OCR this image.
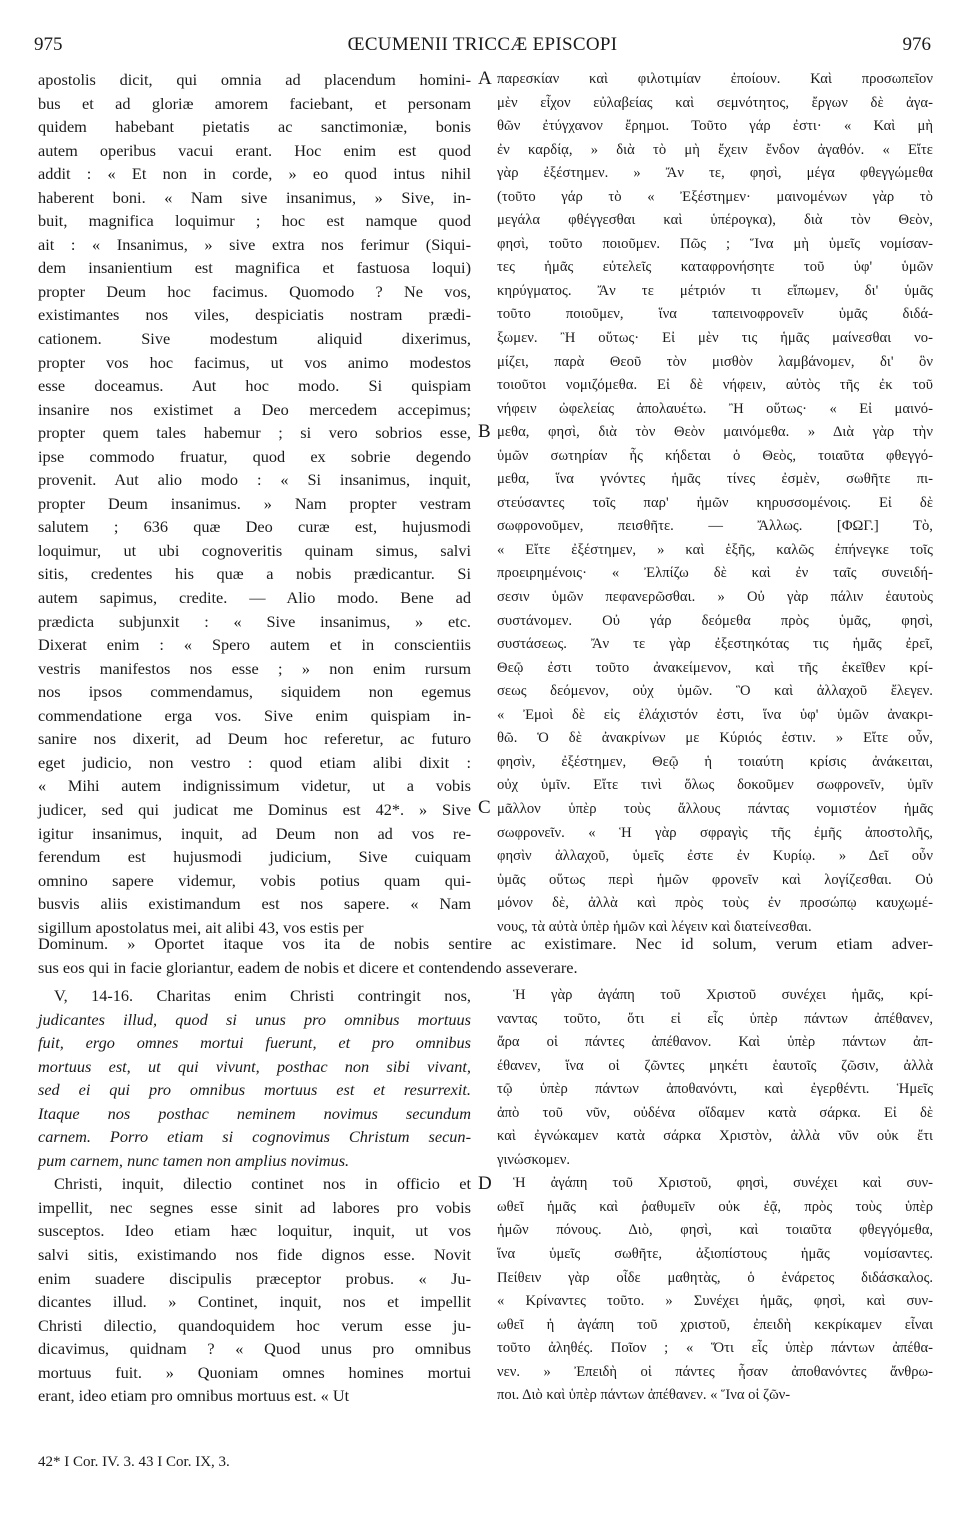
975	ŒCUMENII TRICCÆ EPISCOPI	976
A
B
C
D
apostolis dicit, qui omnia ad placendum homini-
bus et ad gloriæ amorem faciebant, et personam
quidem habebant pietatis ac sanctimoniæ, bonis
autem operibus vacui erant. Hoc enim est quod
addit : « Et non in corde, » eo quod intus nihil
haberent boni. « Nam sive insanimus, » Sive, in-
buit, magnifica loquimur ; hoc est namque quod
ait : « Insanimus, » sive extra nos ferimur (Siqui-
dem insanientium est magnifica et fastuosa loqui)
propter Deum hoc facimus. Quomodo ? Ne vos,
existimantes nos viles, despiciatis nostram prædi-
cationem. Sive modestum aliquid dixerimus,
propter vos hoc facimus, ut vos animo modestos
esse doceamus. Aut hoc modo. Si quispiam
insanire nos existimet a Deo mercedem accepimus;
propter quem tales habemur ; si vero sobrios esse,
ipse commodo fruatur, quod ex sobrie degendo
provenit. Aut alio modo : « Si insanimus, inquit,
propter Deum insanimus. » Nam propter vestram
salutem ; 636 quæ Deo curæ est, hujusmodi
loquimur, ut ubi cognoveritis quinam simus, salvi
sitis, credentes his quæ a nobis prædicantur. Si
autem sapimus, credite. — Alio modo. Bene ad
prædicta subjunxit : « Sive insanimus, » etc.
Dixerat enim : « Spero autem et in conscientiis
vestris manifestos nos esse ; » non enim rursum
nos ipsos commendamus, siquidem non egemus
commendatione erga vos. Sive enim quispiam in-
sanire nos dixerit, ad Deum hoc referetur, ac futuro
eget judicio, non vestro : quod etiam alibi dixit :
« Mihi autem indignissimum videtur, ut a vobis
judicer, sed qui judicat me Dominus est 42*. » Sive
igitur insanimus, inquit, ad Deum non ad vos re-
ferendum est hujusmodi judicium, Sive cuiquam
omnino sapere videmur, vobis potius quam qui-
busvis aliis existimandum est nos sapere. « Nam
sigillum apostolatus mei, ait alibi 43, vos estis per
παρεσκίαν καὶ φιλοτιμίαν ἐποίουν. Καὶ προσωπεῖον
μὲν εἶχον εὐλαβείας καὶ σεμνότητος, ἔργων δὲ ἀγα-
θῶν ἐτύγχανον ἔρημοι. Τοῦτο γάρ ἐστι· « Καὶ μὴ
ἐν καρδίᾳ, » διὰ τὸ μὴ ἔχειν ἔνδον ἀγαθόν. « Εἴτε
γὰρ ἐξέστημεν. » Ἄν τε, φησὶ, μέγα φθεγγώμεθα
(τοῦτο γάρ τὸ « Ἐξέστημεν· μαινομένων γὰρ τὸ
μεγάλα φθέγγεσθαι καὶ ὑπέρογκα), διὰ τὸν Θεὸν,
φησὶ, τοῦτο ποιοῦμεν. Πῶς ; Ἵνα μὴ ὑμεῖς νομίσαν-
τες ἡμᾶς εὐτελεῖς καταφρονήσητε τοῦ ὑφ' ὑμῶν
κηρύγματος. Ἄν τε μέτριόν τι εἴπωμεν, δι' ὑμᾶς
τοῦτο ποιοῦμεν, ἵνα ταπεινοφρονεῖν ὑμᾶς διδά-
ξωμεν. Ἢ οὕτως· Εἰ μὲν τις ἡμᾶς μαίνεσθαι νο-
μίζει, παρὰ Θεοῦ τὸν μισθὸν λαμβάνομεν, δι' ὃν
τοιοῦτοι νομιζόμεθα. Εἰ δὲ νήφειν, αὐτὸς τῆς ἐκ τοῦ
νήφειν ὠφελείας ἀπολαυέτω. Ἢ οὕτως· « Εἰ μαινό-
μεθα, φησὶ, διὰ τὸν Θεὸν μαινόμεθα. » Διὰ γὰρ τὴν
ὑμῶν σωτηρίαν ἧς κήδεται ὁ Θεὸς, τοιαῦτα φθεγγό-
μεθα, ἵνα γνόντες ἡμᾶς τίνες ἐσμὲν, σωθῆτε πι-
στεύσαντες τοῖς παρ' ἡμῶν κηρυσσομένοις. Εἰ δὲ
σωφρονοῦμεν, πεισθῆτε. — Ἄλλως. [ΦΩΓ.] Τὸ,
« Εἴτε ἐξέστημεν, » καὶ ἑξῆς, καλῶς ἐπήνεγκε τοῖς
προειρημένοις· « Ἐλπίζω δὲ καὶ ἐν ταῖς συνειδή-
σεσιν ὑμῶν πεφανερῶσθαι. » Οὐ γὰρ πάλιν ἑαυτοὺς
συστάνομεν. Οὐ γάρ δεόμεθα πρὸς ὑμᾶς, φησὶ,
συστάσεως. Ἄν τε γὰρ ἐξεστηκότας τις ἡμᾶς ἐρεῖ,
Θεῷ ἐστι τοῦτο ἀνακείμενον, καὶ τῆς ἐκεῖθεν κρί-
σεως δεόμενον, οὐχ ὑμῶν. Ὃ καὶ ἀλλαχοῦ ἔλεγεν.
« Ἐμοὶ δὲ εἰς ἐλάχιστόν ἐστι, ἵνα ὑφ' ὑμῶν ἀνακρι-
θῶ. Ὁ δὲ ἀνακρίνων με Κύριός ἐστιν. » Εἴτε οὖν,
φησὶν, ἐξέστημεν, Θεῷ ἡ τοιαύτη κρίσις ἀνάκειται,
οὐχ ὑμῖν. Εἴτε τινὶ ὅλως δοκοῦμεν σωφρονεῖν, ὑμῖν
μᾶλλον ὑπὲρ τοὺς ἄλλους πάντας νομιστέον ἡμᾶς
σωφρονεῖν. « Ἡ γὰρ σφραγὶς τῆς ἐμῆς ἀποστολῆς,
φησὶν ἀλλαχοῦ, ὑμεῖς ἐστε ἐν Κυρίῳ. » Δεῖ οὖν
ὑμᾶς οὕτως περὶ ἡμῶν φρονεῖν καὶ λογίζεσθαι. Οὐ
μόνον δὲ, ἀλλὰ καὶ πρὸς τοὺς ἐν προσώπῳ καυχωμέ-
νους, τὰ αὐτὰ ὑπὲρ ἡμῶν καὶ λέγειν καὶ διατείνεσθαι.
Dominum. » Oportet itaque vos ita de nobis sentire ac existimare. Nec id solum, verum etiam adver-
sus eos qui in facie gloriantur, eadem de nobis et dicere et contendendo asseverare.
V, 14-16. Charitas enim Christi contringit nos,
judicantes illud, quod si unus pro omnibus mortuus
fuit, ergo omnes mortui fuerunt, et pro omnibus
mortuus est, ut qui vivunt, posthac non sibi vivant,
sed ei qui pro omnibus mortuus est et resurrexit.
Itaque nos posthac neminem novimus secundum
carnem. Porro etiam si cognovimus Christum secun-
pum carnem, nunc tamen non amplius novimus.
Christi, inquit, dilectio continet nos in officio et
impellit, nec segnes esse sinit ad labores pro vobis
susceptos. Ideo etiam hæc loquitur, inquit, ut vos
salvi sitis, existimando nos fide dignos esse. Novit
enim suadere discipulis præceptor probus. « Ju-
dicantes illud. » Continet, inquit, nos et impellit
Christi dilectio, quandoquidem hoc verum esse ju-
dicavimus, quidnam ? « Quod unus pro omnibus
mortuus fuit. » Quoniam omnes homines mortui
erant, ideo etiam pro omnibus mortuus est. « Ut
Ἡ γὰρ ἀγάπη τοῦ Χριστοῦ συνέχει ἡμᾶς, κρί-
ναντας τοῦτο, ὅτι εἰ εἷς ὑπὲρ πάντων ἀπέθανεν,
ἄρα οἱ πάντες ἀπέθανον. Καὶ ὑπὲρ πάντων ἀπ-
έθανεν, ἵνα οἱ ζῶντες μηκέτι ἑαυτοῖς ζῶσιν, ἀλλὰ
τῷ ὑπὲρ πάντων ἀποθανόντι, καὶ ἐγερθέντι. Ἡμεῖς
ἀπὸ τοῦ νῦν, οὐδένα οἴδαμεν κατὰ σάρκα. Εἰ δὲ
καὶ ἐγνώκαμεν κατὰ σάρκα Χριστὸν, ἀλλὰ νῦν οὐκ ἔτι
γινώσκομεν.
Ἡ ἀγάπη τοῦ Χριστοῦ, φησὶ, συνέχει καὶ συν-
ωθεῖ ἡμᾶς καὶ ῥαθυμεῖν οὐκ ἐᾷ, πρὸς τοὺς ὑπὲρ
ἡμῶν πόνους. Διὸ, φησὶ, καὶ τοιαῦτα φθεγγόμεθα,
ἵνα ὑμεῖς σωθῆτε, ἀξιοπίστους ἡμᾶς νομίσαντες.
Πείθειν γὰρ οἶδε μαθητὰς, ὁ ἐνάρετος διδάσκαλος.
« Κρίναντες τοῦτο. » Συνέχει ἡμᾶς, φησὶ, καὶ συν-
ωθεῖ ἡ ἀγάπη τοῦ χριστοῦ, ἐπειδὴ κεκρίκαμεν εἶναι
τοῦτο ἀληθές. Ποῖον ; « Ὅτι εἷς ὑπὲρ πάντων ἀπέθα-
νεν. » Ἐπειδὴ οἱ πάντες ἦσαν ἀποθανόντες ἄνθρω-
ποι. Διὸ καὶ ὑπὲρ πάντων ἀπέθανεν. « Ἵνα οἱ ζῶν-
42* I Cor. IV. 3. 43 I Cor. IX, 3.
